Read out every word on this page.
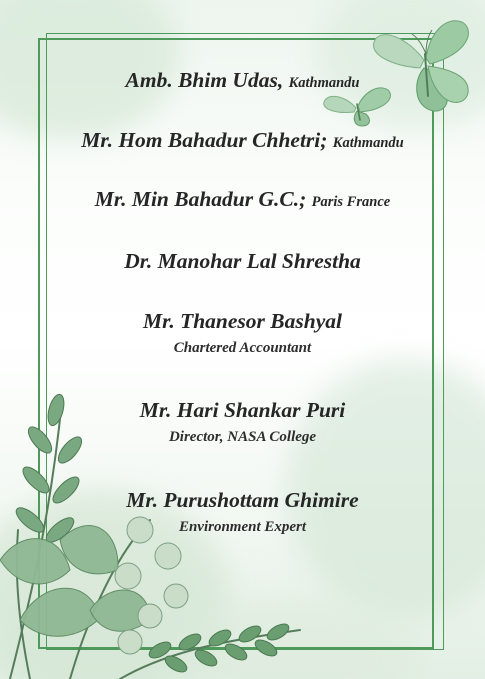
Amb. Bhim Udas, Kathmandu
Mr. Hom Bahadur Chhetri; Kathmandu
Mr. Min Bahadur G.C.; Paris France
Dr. Manohar Lal Shrestha
Mr. Thanesor Bashyal
Chartered Accountant
Mr. Hari Shankar Puri
Director, NASA College
Mr. Purushottam Ghimire
Environment Expert
